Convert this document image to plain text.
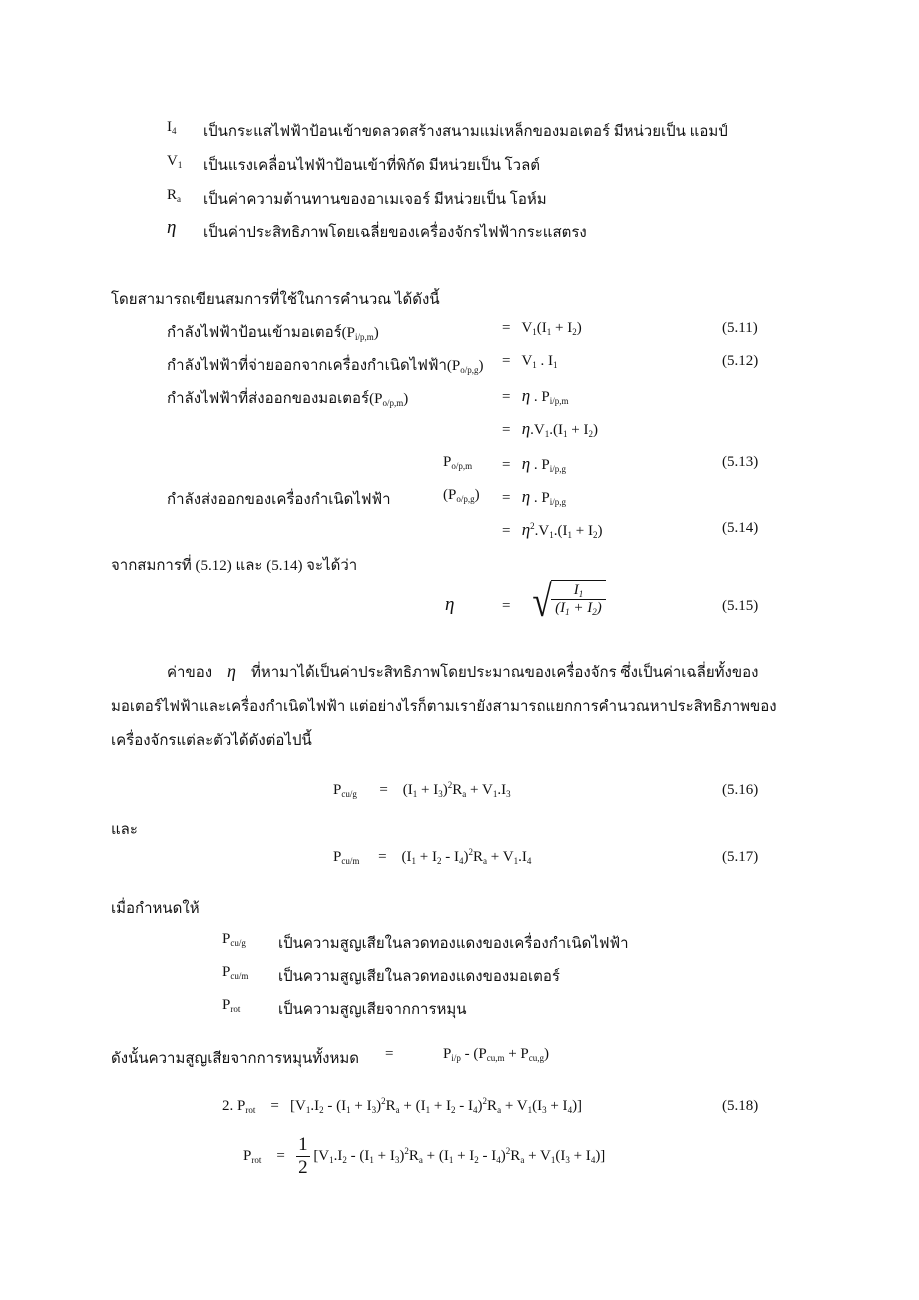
$I_4$ เป็นกระแสไฟฟ้าป้อนเข้าขดลวดสร้างสนามแม่เหล็กของมอเตอร์ มีหน่วยเป็น แอมป์
$V_1$ เป็นแรงเคลื่อนไฟฟ้าป้อนเข้าที่พิกัด มีหน่วยเป็น โวลต์
$R_a$ เป็นค่าความต้านทานของอาเมเจอร์ มีหน่วยเป็น โอห์ม
η เป็นค่าประสิทธิภาพโดยเฉลี่ยของเครื่องจักรไฟฟ้ากระแสตรง
โดยสามารถเขียนสมการที่ใช้ในการคำนวณ ได้ดังนี้
กำลังไฟฟ้าป้อนเข้ามอเตอร์$(P_{i/p,m})$	=   $V_1(I_1 + I_2)$	(5.11)
กำลังไฟฟ้าที่จ่ายออกจากเครื่องกำเนิดไฟฟ้า$(P_{o/p,g}) = V_1$ . $I_1$	(5.12)
กำลังไฟฟ้าที่ส่งออกของมอเตอร์$(P_{o/p,m})$	=   η . $P_{i/p,m}$
=   $\eta.V_1.(I_1 + I_2)$
$P_{o/p,m} = \eta$ . $P_{i/p,g}$	(5.13)
กำลังส่งออกของเครื่องกำเนิดไฟฟ้า	$(P_{o/p,g}) = \eta$ . $P_{i/p,g}$
=   $\eta^2.V_1.(I_1 + I_2)$	(5.14)
จากสมการที่ (5.12) และ (5.14) จะได้ว่า
η	= √ $\frac{I_1}{(I_1 + I_2)}$	(5.15)
ค่าของ η ที่หามาได้เป็นค่าประสิทธิภาพโดยประมาณของเครื่องจักร ซึ่งเป็นค่าเฉลี่ยทั้งของ
มอเตอร์ไฟฟ้าและเครื่องกำเนิดไฟฟ้า แต่อย่างไรก็ตามเรายังสามารถแยกการคำนวณหาประสิทธิภาพของ
เครื่องจักรแต่ละตัวได้ดังต่อไปนี้
$P_{cu/g}$      =    $(I_1 + I_3)^2R_a + V_1.I_3$	(5.16)
และ
$P_{cu/m}$     =    $(I_1 + I_2 - I_4)^2R_a + V_1.I_4$	(5.17)
เมื่อกำหนดให้
$P_{cu/g}$ เป็นความสูญเสียในลวดทองแดงของเครื่องกำเนิดไฟฟ้า
$P_{cu/m}$ เป็นความสูญเสียในลวดทองแดงของมอเตอร์
$P_{rot}$	เป็นความสูญเสียจากการหมุน
ดังนั้นความสูญเสียจากการหมุนทั้งหมด =	$P_{i/p} - (P_{cu,m} + P_{cu,g})$
2. $P_{rot}$    =   $[V_1.I_2 - (I_1 + I_3)^2R_a + (I_1 + I_2 - I_4)^2R_a + V_1(I_3 + I_4)]$	(5.18)
$P_{rot}$    = $\frac{1}{2} [V_1.I_2 - (I_1 + I_3)^2R_a + (I_1 + I_2 - I_4)^2R_a + V_1(I_3 + I_4)]$
